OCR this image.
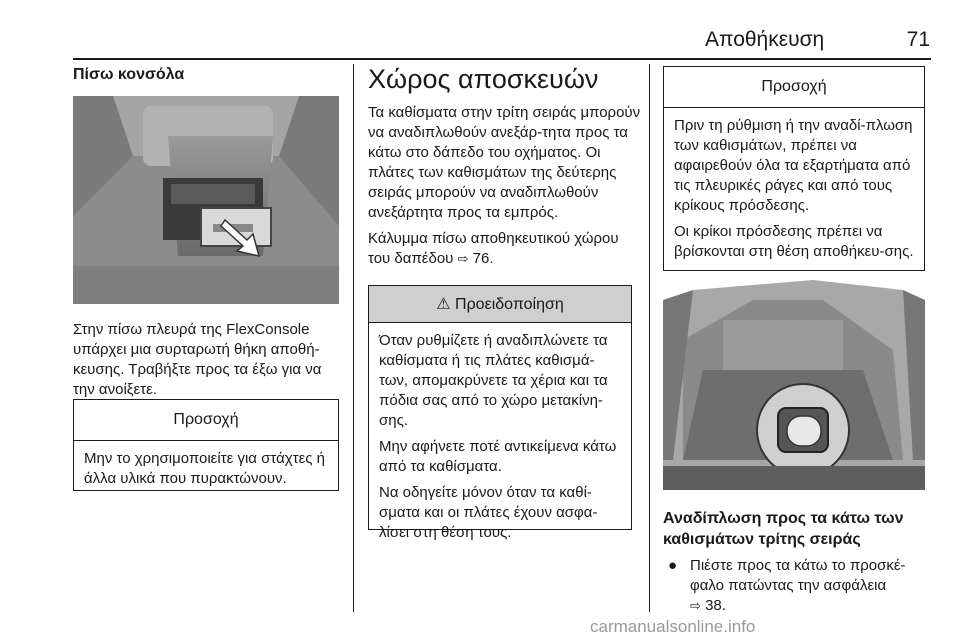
Αποθήκευση	71
Πίσω κονσόλα
Στην πίσω πλευρά της FlexConsole υπάρχει μια συρταρωτή θήκη αποθή-κευσης. Τραβήξτε προς τα έξω για να την ανοίξετε.
Προσοχή
Μην το χρησιμοποιείτε για στάχτες ή άλλα υλικά που πυρακτώνουν.
Χώρος αποσκευών

Τα καθίσματα στην τρίτη σειράς μπορούν να αναδιπλωθούν ανεξάρ-τητα προς τα κάτω στο δάπεδο του οχήματος. Οι πλάτες των καθισμάτων της δεύτερης σειράς μπορούν να αναδιπλωθούν ανεξάρτητα προς τα εμπρός.

Κάλυμμα πίσω αποθηκευτικού χώρου του δαπέδου ⇨ 76.

⚠ Προειδοποίηση

Όταν ρυθμίζετε ή αναδιπλώνετε τα καθίσματα ή τις πλάτες καθισμά-των, απομακρύνετε τα χέρια και τα πόδια σας από το χώρο μετακίνη-σης.

Μην αφήνετε ποτέ αντικείμενα κάτω από τα καθίσματα.

Να οδηγείτε μόνον όταν τα καθί-σματα και οι πλάτες έχουν ασφα-λίσει στη θέση τους.

Προσοχή

Πριν τη ρύθμιση ή την αναδί-πλωση των καθισμάτων, πρέπει να αφαιρεθούν όλα τα εξαρτήματα από τις πλευρικές ράγες και από τους κρίκους πρόσδεσης.

Οι κρίκοι πρόσδεσης πρέπει να βρίσκονται στη θέση αποθήκευ-σης.

Αναδίπλωση προς τα κάτω των καθισμάτων τρίτης σειράς
● Πιέστε προς τα κάτω το προσκέ-φαλο πατώντας την ασφάλεια
⇨ 38.
carmanualsonline.info
